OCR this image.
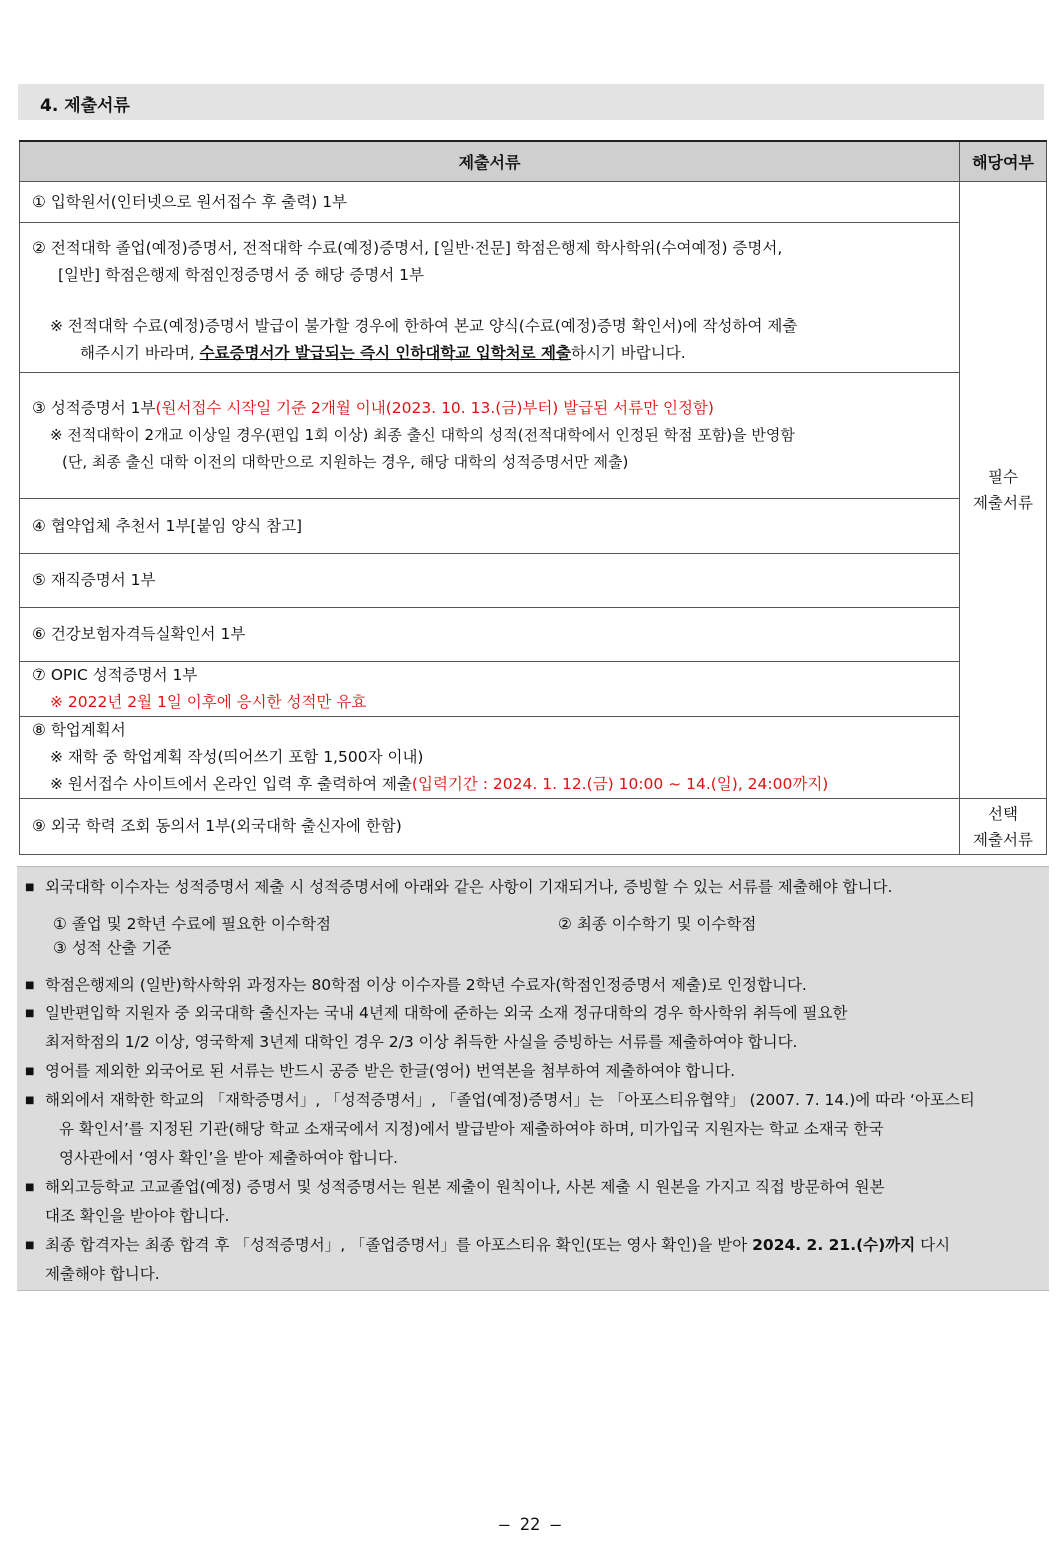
4. 제출서류
제출서류	해당여부

① 입학원서(인터넷으로 원서접수 후 출력) 1부	필수
제출서류

② 전적대학 졸업(예정)증명서, 전적대학 수료(예정)증명서, [일반·전문] 학점은행제 학사학위(수여예정) 증명서,
[일반] 학점은행제 학점인정증명서 중 해당 증명서 1부
※ 전적대학 수료(예정)증명서 발급이 불가할 경우에 한하여 본교 양식(수료(예정)증명 확인서)에 작성하여 제출
해주시기 바라며, 수료증명서가 발급되는 즉시 인하대학교 입학처로 제출하시기 바랍니다.	

③ 성적증명서 1부(원서접수 시작일 기준 2개월 이내(2023. 10. 13.(금)부터) 발급된 서류만 인정함)
※ 전적대학이 2개교 이상일 경우(편입 1회 이상) 최종 출신 대학의 성적(전적대학에서 인정된 학점 포함)을 반영함
(단, 최종 출신 대학 이전의 대학만으로 지원하는 경우, 해당 대학의 성적증명서만 제출)	

④ 협약업체 추천서 1부[붙임 양식 참고]	

⑤ 재직증명서 1부	

⑥ 건강보험자격득실확인서 1부	

⑦ OPIC 성적증명서 1부
※ 2022년 2월 1일 이후에 응시한 성적만 유효	

⑧ 학업계획서
※ 재학 중 학업계획 작성(띄어쓰기 포함 1,500자 이내)
※ 원서접수 사이트에서 온라인 입력 후 출력하여 제출(입력기간 : 2024. 1. 12.(금) 10:00 ~ 14.(일), 24:00까지)	

⑨ 외국 학력 조회 동의서 1부(외국대학 출신자에 한함)	선택
제출서류
■ 외국대학 이수자는 성적증명서 제출 시 성적증명서에 아래와 같은 사항이 기재되거나, 증빙할 수 있는 서류를 제출해야 합니다.
① 졸업 및 2학년 수료에 필요한 이수학점	② 최종 이수학기 및 이수학점
③ 성적 산출 기준
■ 학점은행제의 (일반)학사학위 과정자는 80학점 이상 이수자를 2학년 수료자(학점인정증명서 제출)로 인정합니다.
■ 일반편입학 지원자 중 외국대학 출신자는 국내 4년제 대학에 준하는 외국 소재 정규대학의 경우 학사학위 취득에 필요한
최저학점의 1/2 이상, 영국학제 3년제 대학인 경우 2/3 이상 취득한 사실을 증빙하는 서류를 제출하여야 합니다.
■ 영어를 제외한 외국어로 된 서류는 반드시 공증 받은 한글(영어) 번역본을 첨부하여 제출하여야 합니다.
■ 해외에서 재학한 학교의 「재학증명서」, 「성적증명서」, 「졸업(예정)증명서」는 「아포스티유협약」 (2007. 7. 14.)에 따라 ‘아포스티
유 확인서’를 지정된 기관(해당 학교 소재국에서 지정)에서 발급받아 제출하여야 하며, 미가입국 지원자는 학교 소재국 한국
영사관에서 ‘영사 확인’을 받아 제출하여야 합니다.
■ 해외고등학교 고교졸업(예정) 증명서 및 성적증명서는 원본 제출이 원칙이나, 사본 제출 시 원본을 가지고 직접 방문하여 원본
대조 확인을 받아야 합니다.
■ 최종 합격자는 최종 합격 후 「성적증명서」, 「졸업증명서」를 아포스티유 확인(또는 영사 확인)을 받아 2024. 2. 21.(수)까지 다시
제출해야 합니다.
– 22 –
